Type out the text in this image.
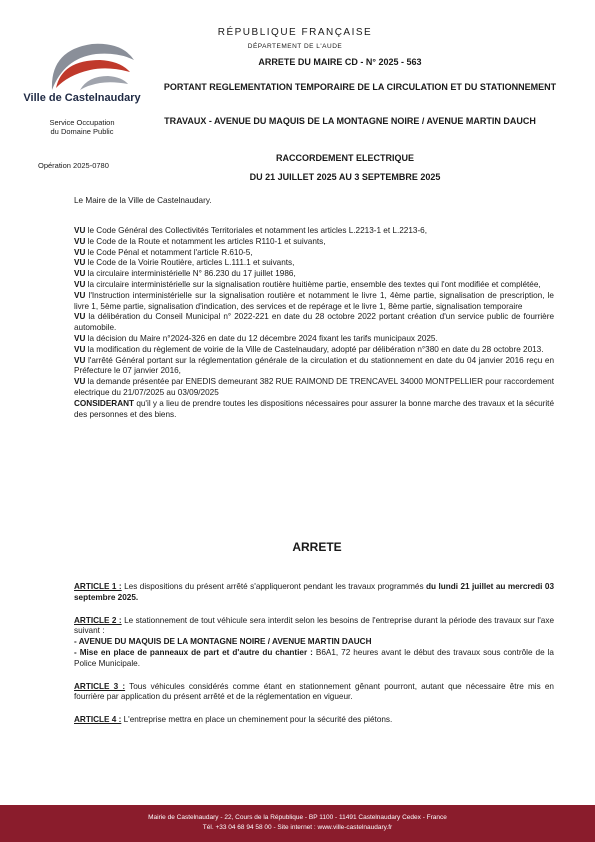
Ville de Castelnaudary
Service Occupation
du Domaine Public
Opération 2025-0780
RÉPUBLIQUE FRANÇAISE
DÉPARTEMENT DE L'AUDE
ARRETE DU MAIRE CD - N° 2025 - 563
PORTANT REGLEMENTATION TEMPORAIRE DE LA CIRCULATION ET DU STATIONNEMENT
TRAVAUX - AVENUE DU MAQUIS DE LA MONTAGNE NOIRE / AVENUE MARTIN DAUCH
RACCORDEMENT ELECTRIQUE
DU 21 JUILLET 2025 AU 3 SEPTEMBRE 2025
Le Maire de la Ville de Castelnaudary.

VU le Code Général des Collectivités Territoriales et notamment les articles L.2213-1 et L.2213-6,

VU le Code de la Route et notamment les articles R110-1 et suivants,

VU le Code Pénal et notamment l'article R.610-5,

VU le Code de la Voirie Routière, articles L.111.1 et suivants,

VU la circulaire interministérielle N° 86.230 du 17 juillet 1986,

VU la circulaire interministérielle sur la signalisation routière huitième partie, ensemble des textes qui l'ont modifiée et complétée,

VU l'Instruction interministérielle sur la signalisation routière et notamment le livre 1, 4ème partie, signalisation de prescription, le livre 1, 5ème partie, signalisation d'indication, des services et de repérage et le livre 1, 8ème partie, signalisation temporaire

VU la délibération du Conseil Municipal n° 2022-221 en date du 28 octobre 2022 portant création d'un service public de fourrière automobile.

VU la décision du Maire n°2024-326 en date du 12 décembre 2024 fixant les tarifs municipaux 2025.

VU la modification du règlement de voirie de la Ville de Castelnaudary, adopté par délibération n°380 en date du 28 octobre 2013.

VU l'arrêté Général portant sur la réglementation générale de la circulation et du stationnement en date du 04 janvier 2016 reçu en Préfecture le 07 janvier 2016,

VU la demande présentée par ENEDIS demeurant 382 RUE RAIMOND DE TRENCAVEL 34000 MONTPELLIER pour raccordement electrique du 21/07/2025 au 03/09/2025

CONSIDERANT qu'il y a lieu de prendre toutes les dispositions nécessaires pour assurer la bonne marche des travaux et la sécurité des personnes et des biens.

ARRETE

ARTICLE 1 : Les dispositions du présent arrêté s'appliqueront pendant les travaux programmés du lundi 21 juillet au mercredi 03 septembre 2025.

ARTICLE 2 : Le stationnement de tout véhicule sera interdit selon les besoins de l'entreprise durant la période des travaux sur l'axe suivant :
- AVENUE DU MAQUIS DE LA MONTAGNE NOIRE / AVENUE MARTIN DAUCH
- Mise en place de panneaux de part et d'autre du chantier : B6A1, 72 heures avant le début des travaux sous contrôle de la Police Municipale.

ARTICLE 3 : Tous véhicules considérés comme étant en stationnement gênant pourront, autant que nécessaire être mis en fourrière par application du présent arrêté et de la réglementation en vigueur.

ARTICLE 4 : L'entreprise mettra en place un cheminement pour la sécurité des piétons.

Mairie de Castelnaudary - 22, Cours de la République - BP 1100 - 11491 Castelnaudary Cedex - France
Tél. +33 04 68 94 58 00 - Site internet : www.ville-castelnaudary.fr
